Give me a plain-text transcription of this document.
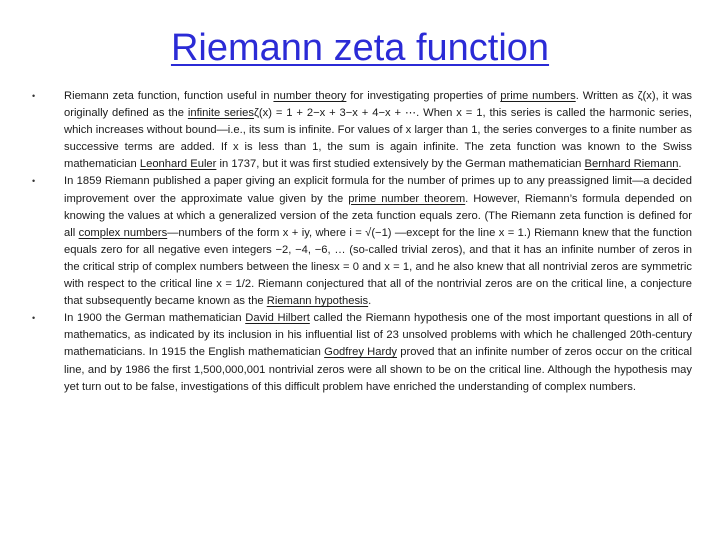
Riemann zeta function

•	Riemann zeta function, function useful in number theory for investigating properties of prime numbers. Written as ζ(x), it was originally defined as the infinite seriesζ(x) = 1 + 2−x + 3−x + 4−x + ⋯. When x = 1, this series is called the harmonic series, which increases without bound—i.e., its sum is infinite. For values of x larger than 1, the series converges to a finite number as successive terms are added. If x is less than 1, the sum is again infinite. The zeta function was known to the Swiss mathematician Leonhard Euler in 1737, but it was first studied extensively by the German mathematician Bernhard Riemann.

•	In 1859 Riemann published a paper giving an explicit formula for the number of primes up to any preassigned limit—a decided improvement over the approximate value given by the prime number theorem. However, Riemann’s formula depended on knowing the values at which a generalized version of the zeta function equals zero. (The Riemann zeta function is defined for all complex numbers—numbers of the form x + iy, where i = √(−1) —except for the line x = 1.) Riemann knew that the function equals zero for all negative even integers −2, −4, −6, … (so-called trivial zeros), and that it has an infinite number of zeros in the critical strip of complex numbers between the linesx = 0 and x = 1, and he also knew that all nontrivial zeros are symmetric with respect to the critical line x = 1/2. Riemann conjectured that all of the nontrivial zeros are on the critical line, a conjecture that subsequently became known as the Riemann hypothesis.

•	In 1900 the German mathematician David Hilbert called the Riemann hypothesis one of the most important questions in all of mathematics, as indicated by its inclusion in his influential list of 23 unsolved problems with which he challenged 20th-century mathematicians. In 1915 the English mathematician Godfrey Hardy proved that an infinite number of zeros occur on the critical line, and by 1986 the first 1,500,000,001 nontrivial zeros were all shown to be on the critical line. Although the hypothesis may yet turn out to be false, investigations of this difficult problem have enriched the understanding of complex numbers.
